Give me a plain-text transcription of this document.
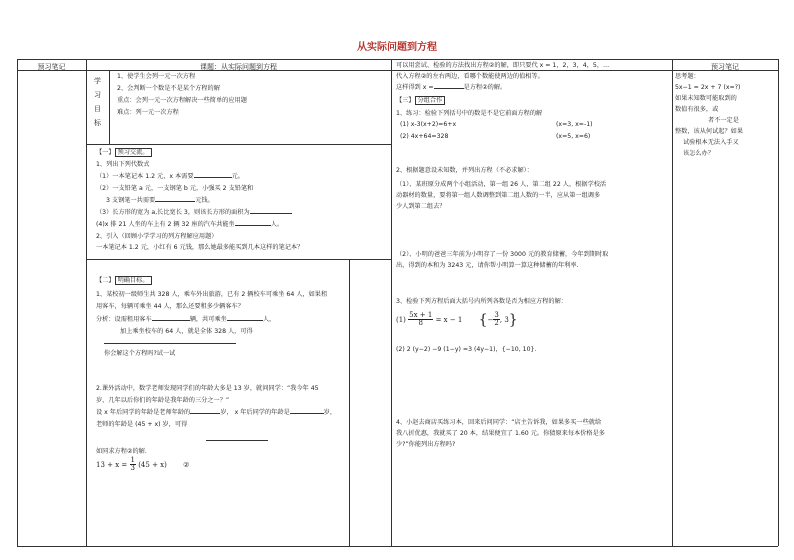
从实际问题到方程
预习笔记	课题：从实际问题到方程	预习笔记
学
习
目
标
1、使学生会列一元一次方程
2、会判断一个数是不是某个方程的解
重点：会列一元一次方程解决一些简单的应用题
难点：列一元一次方程
【一】 预习交流。
1、列出下列代数式
（1）一本笔记本 1.2 元，x 本需要	元。
（2）一支铅笔 a 元，一支钢笔 b 元，小强买 2 支铅笔和
3 支钢笔一共需要	元钱。
（3）长方形的宽为 a,长比宽长 3，则该长方形的面积为
(4)x 排 21 人坐的车上有 2 辆 32 座的汽车共能坐	人。
2、引入（回顾小学学习的列方程解应用题）
一本笔记本 1.2 元，小红有 6 元钱，那么她最多能买到几本这样的笔记本？
【二】 明确目标。
1、某校初一级师生共 328 人，乘车外出旅游，已有 2 辆校车可乘坐 64 人，如果租
用客车，每辆可乘坐 44 人，那么还要租多少辆客车？
分析：设需租用客车	辆，共可乘坐	人，
加上乘坐校车的 64 人，就是全体 328 人，可得
你会解这个方程吗?试一试
2.课外活动中，数学老师发现同学们的年龄大多是 13 岁，就问同学：“我今年 45
岁，几年以后你们的年龄是我年龄的三分之一？”
设 x 年后同学的年龄是老师年龄的	岁， x 年后同学的年龄是	岁，
老师的年龄是 (45 + x) 岁，可得
如同求方程②的解.
$13 + x = \frac{1}{3} (45 + x)$ ②
可以用尝试、检验的方法找出方程②的解，即只要代 x = 1，2，3，4，5，…
代入方程②的左右两边，看哪个数能使两边的值相等。
这样得到 x =	是方程②的解。
【三】 分组合作
1、练习：检验下列括号中的数是不是它前面方程的解
(1) x-3(x+2)=6+x	(x=3, x=-1)
(2) 4x+64=328	(x=5, x=6)
2、根据题意设未知数，并列出方程（不必求解）：
（1）、某班原分成两个小组活动，第一组 26 人，第二组 22 人，根据学校活
动器材的数量，要将第一组人数调整到第二组人数的一半，应从第一组调多
少人到第二组去？
（2）、小明的爸爸三年前为小明存了一份 3000 元的教育储蓄，今年到期时取
出，得到的本和为 3243 元，请你帮小明算一算这种储蓄的年利率.
3、检验下列方程后面大括号内所列各数是否为相应方程的解：
$(1) \frac{5x + 1}{8} = x - 1$ {− $\frac{3}{2}$ , 3}
(2) 2 (y−2) −9 (1−y) =3 (4y−1)，{−10, 10}.
4、小赵去商店买练习本，回来后问同学：“店主告诉我，如果多买一些就给
我八折优惠，我就买了 20 本，结果便宜了 1.60 元。你猜原来每本价格是多
少?”你能列出方程吗?
思考题：
5x−1 = 2x + 7 (x=?)
如果未知数可能取到的
数值有很多，或
者不一定是
整数，该从何试起？如果
试验根本无法入手又
该怎么办？
